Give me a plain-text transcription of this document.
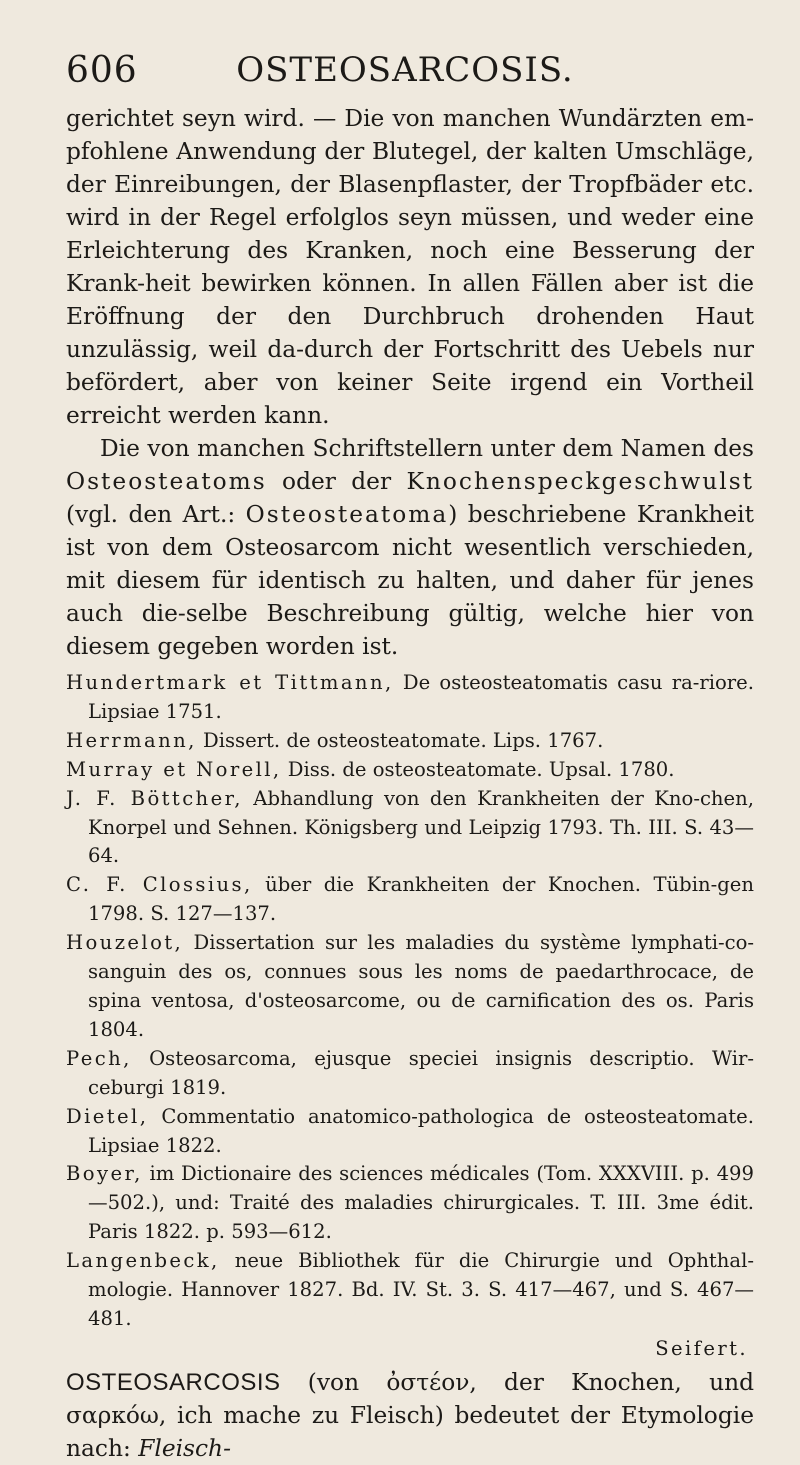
606	OSTEOSARCOSIS.

gerichtet seyn wird. — Die von manchen Wundärzten em-pfohlene Anwendung der Blutegel, der kalten Umschläge, der Einreibungen, der Blasenpflaster, der Tropfbäder etc. wird in der Regel erfolglos seyn müssen, und weder eine Erleichterung des Kranken, noch eine Besserung der Krank-heit bewirken können. In allen Fällen aber ist die Eröffnung der den Durchbruch drohenden Haut unzulässig, weil da-durch der Fortschritt des Uebels nur befördert, aber von keiner Seite irgend ein Vortheil erreicht werden kann.

Die von manchen Schriftstellern unter dem Namen des Osteosteatoms oder der Knochenspeckgeschwulst (vgl. den Art.: Osteosteatoma) beschriebene Krankheit ist von dem Osteosarcom nicht wesentlich verschieden, mit diesem für identisch zu halten, und daher für jenes auch die-selbe Beschreibung gültig, welche hier von diesem gegeben worden ist.

Hundertmark et Tittmann, De osteosteatomatis casu ra-riore. Lipsiae 1751.

Herrmann, Dissert. de osteosteatomate. Lips. 1767.

Murray et Norell, Diss. de osteosteatomate. Upsal. 1780.

J. F. Böttcher, Abhandlung von den Krankheiten der Kno-chen, Knorpel und Sehnen. Königsberg und Leipzig 1793. Th. III. S. 43—64.

C. F. Clossius, über die Krankheiten der Knochen. Tübin-gen 1798. S. 127—137.

Houzelot, Dissertation sur les maladies du système lymphati-co-sanguin des os, connues sous les noms de paedarthrocace, de spina ventosa, d'osteosarcome, ou de carnification des os. Paris 1804.

Pech, Osteosarcoma, ejusque speciei insignis descriptio. Wir-ceburgi 1819.

Dietel, Commentatio anatomico-pathologica de osteosteatomate. Lipsiae 1822.

Boyer, im Dictionaire des sciences médicales (Tom. XXXVIII. p. 499—502.), und: Traité des maladies chirurgicales. T. III. 3me édit. Paris 1822. p. 593—612.

Langenbeck, neue Bibliothek für die Chirurgie und Ophthal-mologie. Hannover 1827. Bd. IV. St. 3. S. 417—467, und S. 467—481.

Seifert.

OSTEOSARCOSIS (von ὀστέον, der Knochen, und σαρκόω, ich mache zu Fleisch) bedeutet der Etymologie nach: Fleisch-
